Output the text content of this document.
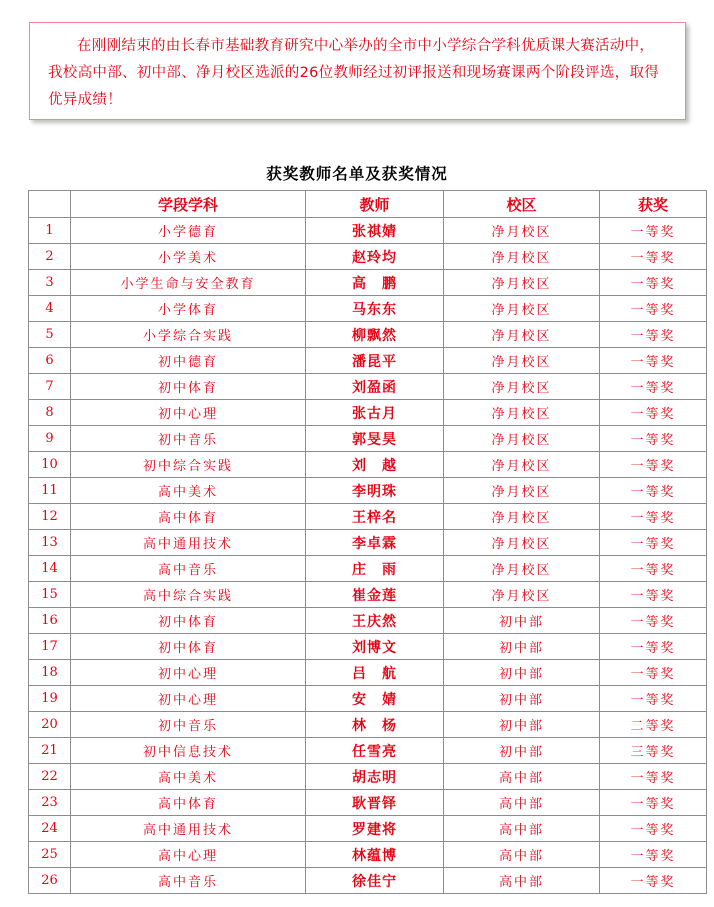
在刚刚结束的由长春市基础教育研究中心举办的全市中小学综合学科优质课大赛活动中，我校高中部、初中部、净月校区选派的26位教师经过初评报送和现场赛课两个阶段评选，取得优异成绩！

获奖教师名单及获奖情况
	学段学科	教师	校区	获奖
1	小学德育	张祺婧	净月校区	一等奖
2	小学美术	赵玲均	净月校区	一等奖
3	小学生命与安全教育	高　鹏	净月校区	一等奖
4	小学体育	马东东	净月校区	一等奖
5	小学综合实践	柳飘然	净月校区	一等奖
6	初中德育	潘昆平	净月校区	一等奖
7	初中体育	刘盈函	净月校区	一等奖
8	初中心理	张古月	净月校区	一等奖
9	初中音乐	郭旻昊	净月校区	一等奖
10	初中综合实践	刘　越	净月校区	一等奖
11	高中美术	李明珠	净月校区	一等奖
12	高中体育	王梓名	净月校区	一等奖
13	高中通用技术	李卓霖	净月校区	一等奖
14	高中音乐	庄　雨	净月校区	一等奖
15	高中综合实践	崔金莲	净月校区	一等奖
16	初中体育	王庆然	初中部	一等奖
17	初中体育	刘博文	初中部	一等奖
18	初中心理	吕　航	初中部	一等奖
19	初中心理	安　婧	初中部	一等奖
20	初中音乐	林　杨	初中部	二等奖
21	初中信息技术	任雪亮	初中部	三等奖
22	高中美术	胡志明	高中部	一等奖
23	高中体育	耿晋铎	高中部	一等奖
24	高中通用技术	罗建将	高中部	一等奖
25	高中心理	林蕴博	高中部	一等奖
26	高中音乐	徐佳宁	高中部	一等奖
